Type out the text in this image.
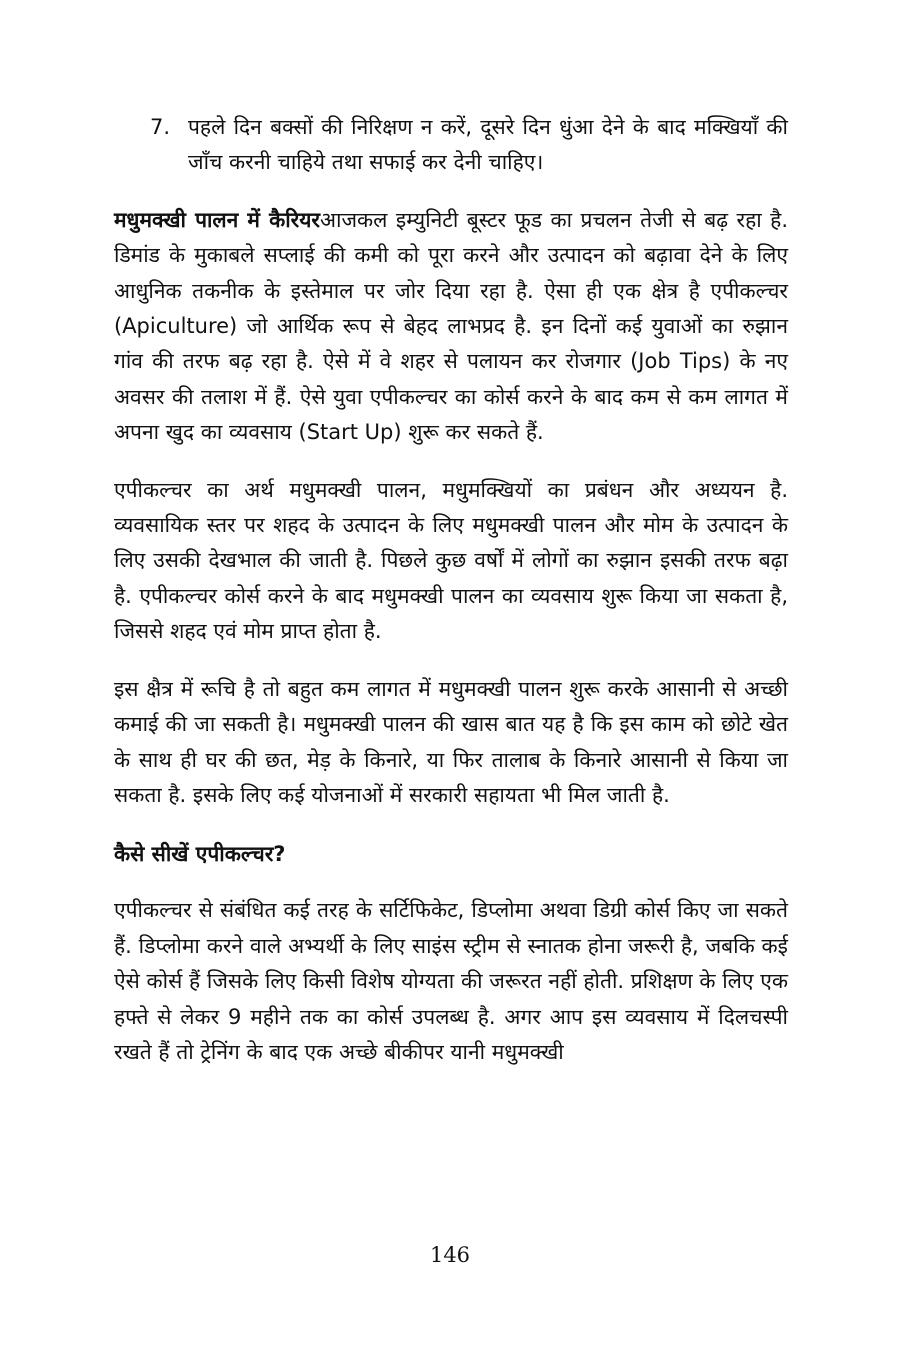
7. पहले दिन बक्सों की निरिक्षण न करें, दूसरे दिन धुंआ देने के बाद मक्खियाँ की जाँच करनी चाहिये तथा सफाई कर देनी चाहिए।

मधुमक्खी पालन में कैरियरआजकल इम्युनिटी बूस्टर फूड का प्रचलन तेजी से बढ़ रहा है. डिमांड के मुकाबले सप्लाई की कमी को पूरा करने और उत्पादन को बढ़ावा देने के लिए आधुनिक तकनीक के इस्तेमाल पर जोर दिया रहा है. ऐसा ही एक क्षेत्र है एपीकल्चर (Apiculture) जो आर्थिक रूप से बेहद लाभप्रद है. इन दिनों कई युवाओं का रुझान गांव की तरफ बढ़ रहा है. ऐसे में वे शहर से पलायन कर रोजगार (Job Tips) के नए अवसर की तलाश में हैं. ऐसे युवा एपीकल्चर का कोर्स करने के बाद कम से कम लागत में अपना खुद का व्यवसाय (Start Up) शुरू कर सकते हैं.

एपीकल्चर का अर्थ मधुमक्खी पालन, मधुमक्खियों का प्रबंधन और अध्ययन है. व्यवसायिक स्तर पर शहद के उत्पादन के लिए मधुमक्खी पालन और मोम के उत्पादन के लिए उसकी देखभाल की जाती है. पिछले कुछ वर्षों में लोगों का रुझान इसकी तरफ बढ़ा है. एपीकल्चर कोर्स करने के बाद मधुमक्खी पालन का व्यवसाय शुरू किया जा सकता है, जिससे शहद एवं मोम प्राप्त होता है.

इस क्षैत्र में रूचि है तो बहुत कम लागत में मधुमक्खी पालन शुरू करके आसानी से अच्छी कमाई की जा सकती है। मधुमक्खी पालन की खास बात यह है कि इस काम को छोटे खेत के साथ ही घर की छत, मेड़ के किनारे, या फिर तालाब के किनारे आसानी से किया जा सकता है. इसके लिए कई योजनाओं में सरकारी सहायता भी मिल जाती है.

कैसे सीखें एपीकल्चर?

एपीकल्चर से संबंधित कई तरह के सर्टिफिकेट, डिप्लोमा अथवा डिग्री कोर्स किए जा सकते हैं. डिप्लोमा करने वाले अभ्यर्थी के लिए साइंस स्ट्रीम से स्नातक होना जरूरी है, जबकि कई ऐसे कोर्स हैं जिसके लिए किसी विशेष योग्यता की जरूरत नहीं होती. प्रशिक्षण के लिए एक हफ्ते से लेकर 9 महीने तक का कोर्स उपलब्ध है. अगर आप इस व्यवसाय में दिलचस्पी रखते हैं तो ट्रेनिंग के बाद एक अच्छे बीकीपर यानी मधुमक्खी

146
